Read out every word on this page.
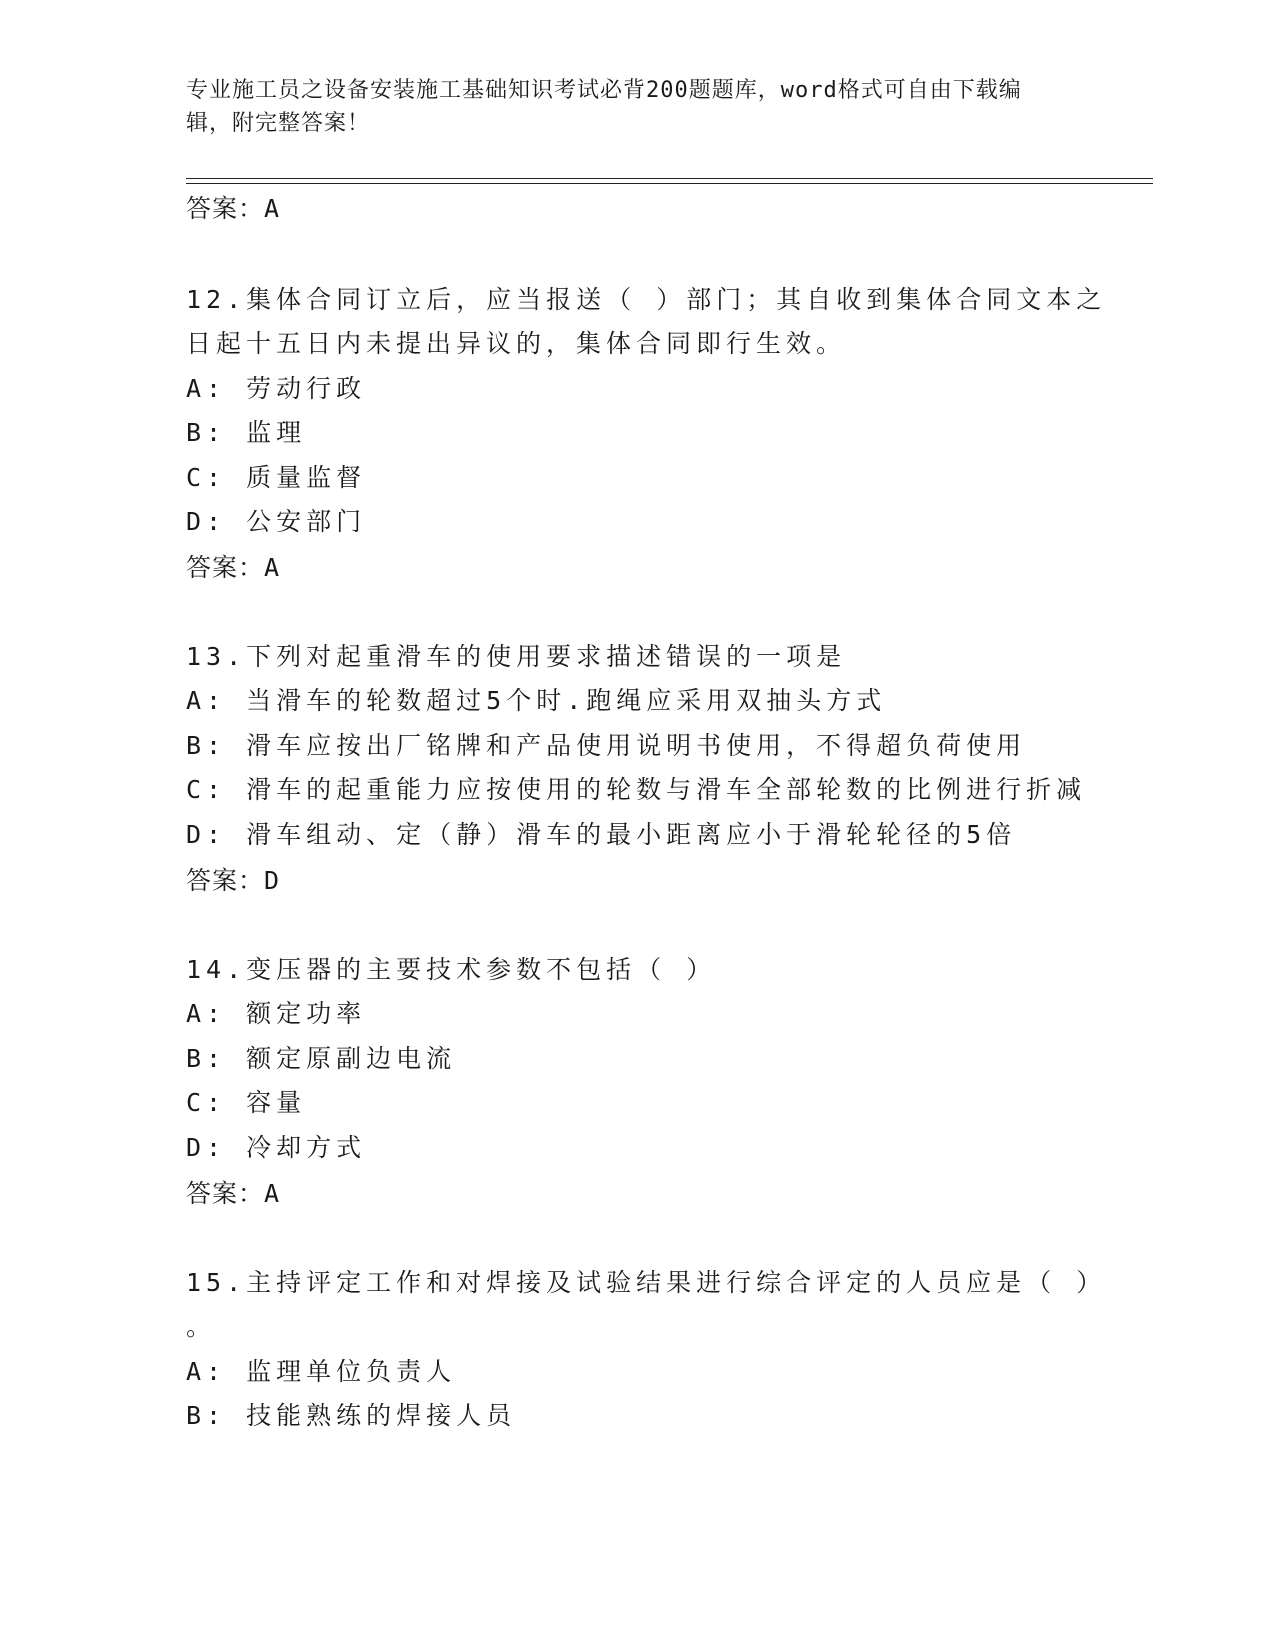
专业施工员之设备安装施工基础知识考试必背200题题库，word格式可自由下载编辑，附完整答案！
答案：A
12.集体合同订立后，应当报送（ ）部门；其自收到集体合同文本之
日起十五日内未提出异议的，集体合同即行生效。
A: 劳动行政
B: 监理
C: 质量监督
D: 公安部门
答案：A
13.下列对起重滑车的使用要求描述错误的一项是
A: 当滑车的轮数超过5个时.跑绳应采用双抽头方式
B: 滑车应按出厂铭牌和产品使用说明书使用，不得超负荷使用
C: 滑车的起重能力应按使用的轮数与滑车全部轮数的比例进行折减
D: 滑车组动、定（静）滑车的最小距离应小于滑轮轮径的5倍
答案：D
14.变压器的主要技术参数不包括（ ）
A: 额定功率
B: 额定原副边电流
C: 容量
D: 冷却方式
答案：A
15.主持评定工作和对焊接及试验结果进行综合评定的人员应是（ ）
。
A: 监理单位负责人
B: 技能熟练的焊接人员
